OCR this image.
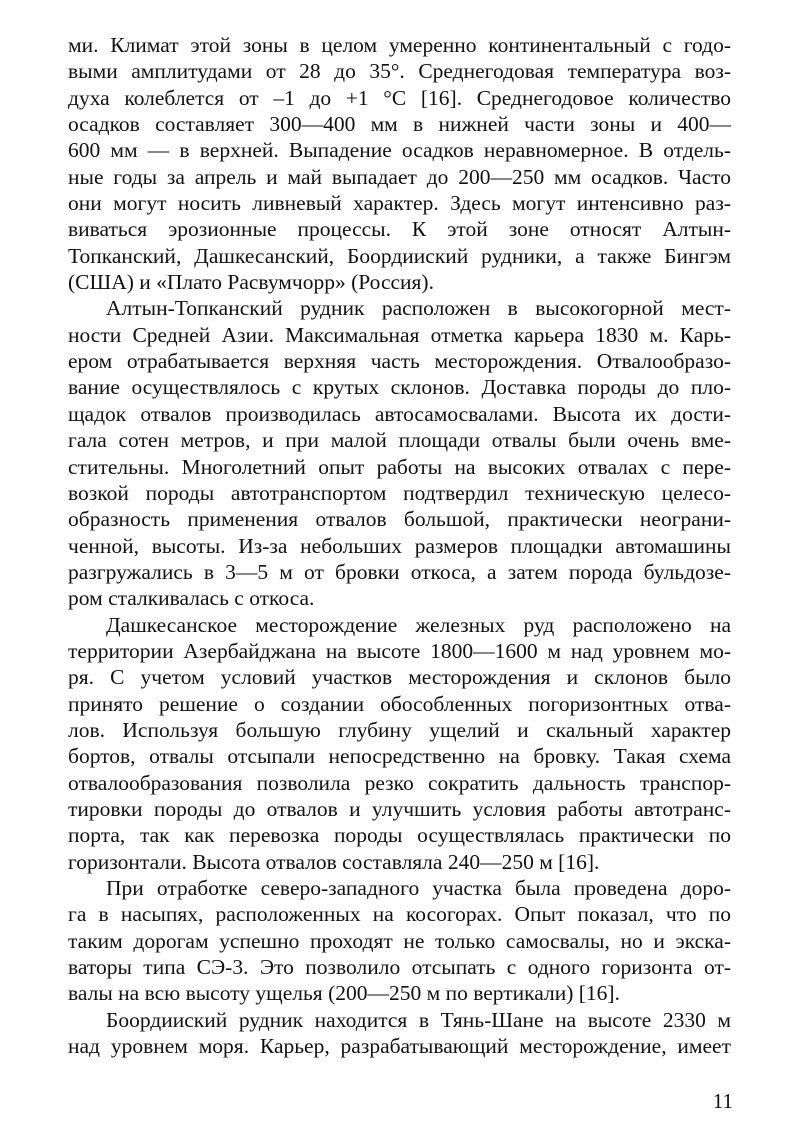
ми. Климат этой зоны в целом умеренно континентальный с годо-
выми амплитудами от 28 до 35°. Среднегодовая температура воз-
духа колеблется от –1 до +1 °С [16]. Среднегодовое количество
осадков составляет 300—400 мм в нижней части зоны и 400—
600 мм — в верхней. Выпадение осадков неравномерное. В отдель-
ные годы за апрель и май выпадает до 200—250 мм осадков. Часто
они могут носить ливневый характер. Здесь могут интенсивно раз-
виваться эрозионные процессы. К этой зоне относят Алтын-
Топканский, Дашкесанский, Боордииский рудники, а также Бингэм
(США) и «Плато Расвумчорр» (Россия).
Алтын-Топканский рудник расположен в высокогорной мест-
ности Средней Азии. Максимальная отметка карьера 1830 м. Карь-
ером отрабатывается верхняя часть месторождения. Отвалообразо-
вание осуществлялось с крутых склонов. Доставка породы до пло-
щадок отвалов производилась автосамосвалами. Высота их дости-
гала сотен метров, и при малой площади отвалы были очень вме-
стительны. Многолетний опыт работы на высоких отвалах с пере-
возкой породы автотранспортом подтвердил техническую целесо-
образность применения отвалов большой, практически неограни-
ченной, высоты. Из-за небольших размеров площадки автомашины
разгружались в 3—5 м от бровки откоса, а затем порода бульдозе-
ром сталкивалась с откоса.
Дашкесанское месторождение железных руд расположено на
территории Азербайджана на высоте 1800—1600 м над уровнем мо-
ря. С учетом условий участков месторождения и склонов было
принято решение о создании обособленных погоризонтных отва-
лов. Используя большую глубину ущелий и скальный характер
бортов, отвалы отсыпали непосредственно на бровку. Такая схема
отвалообразования позволила резко сократить дальность транспор-
тировки породы до отвалов и улучшить условия работы автотранс-
порта, так как перевозка породы осуществлялась практически по
горизонтали. Высота отвалов составляла 240—250 м [16].
При отработке северо-западного участка была проведена доро-
га в насыпях, расположенных на косогорах. Опыт показал, что по
таким дорогам успешно проходят не только самосвалы, но и экска-
ваторы типа СЭ-3. Это позволило отсыпать с одного горизонта от-
валы на всю высоту ущелья (200—250 м по вертикали) [16].
Боордииский рудник находится в Тянь-Шане на высоте 2330 м
над уровнем моря. Карьер, разрабатывающий месторождение, имеет
11
